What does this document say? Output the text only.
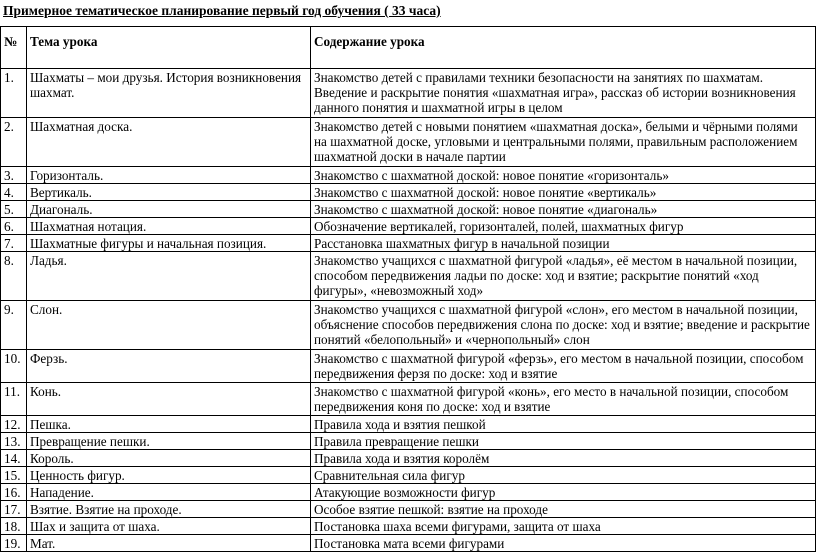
Примерное тематическое планирование первый год обучения ( 33 часа)
№	Тема урока	Содержание урока
1.	Шахматы – мои друзья. История возникновения шахмат.	Знакомство детей с правилами техники безопасности на занятиях по шахматам. Введение и раскрытие понятия «шахматная игра», рассказ об истории возникновения данного понятия и шахматной игры в целом
2.	Шахматная доска.	Знакомство детей с новыми понятием «шахматная доска», белыми и чёрными полями на шахматной доске, угловыми и центральными полями, правильным расположением шахматной доски в начале партии
3.	Горизонталь.	Знакомство с шахматной доской: новое понятие «горизонталь»
4.	Вертикаль.	Знакомство с шахматной доской: новое понятие «вертикаль»
5.	Диагональ.	Знакомство с шахматной доской: новое понятие «диагональ»
6.	Шахматная нотация.	Обозначение вертикалей, горизонталей, полей, шахматных фигур
7.	Шахматные фигуры и начальная позиция.	Расстановка шахматных фигур в начальной позиции
8.	Ладья.	Знакомство учащихся с шахматной фигурой «ладья», её местом в начальной позиции, способом передвижения ладьи по доске: ход и взятие; раскрытие понятий «ход фигуры», «невозможный ход»
9.	Слон.	Знакомство учащихся с шахматной фигурой «слон», его местом в начальной позиции, объяснение способов передвижения слона по доске: ход и взятие; введение и раскрытие понятий «белопольный» и «чернопольный» слон
10.	Ферзь.	Знакомство с шахматной фигурой «ферзь», его местом в начальной позиции, способом передвижения ферзя по доске: ход и взятие
11.	Конь.	Знакомство с шахматной фигурой «конь», его место в начальной позиции, способом передвижения коня по доске: ход и взятие
12.	Пешка.	Правила хода и взятия пешкой
13.	Превращение пешки.	Правила превращение пешки
14.	Король.	Правила хода и взятия королём
15.	Ценность фигур.	Сравнительная сила фигур
16.	Нападение.	Атакующие возможности фигур
17.	Взятие. Взятие на проходе.	Особое взятие пешкой: взятие на проходе
18.	Шах и защита от шаха.	Постановка шаха всеми фигурами, защита от шаха
19.	Мат.	Постановка мата всеми фигурами
